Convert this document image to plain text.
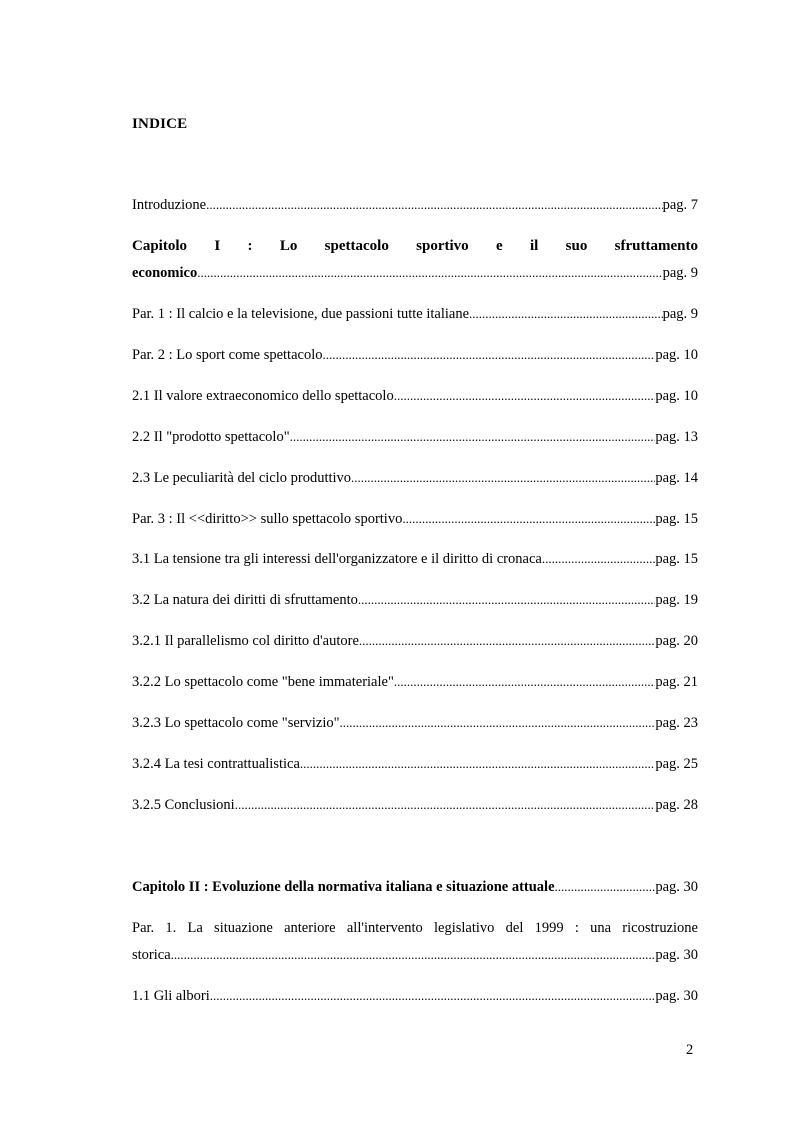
INDICE
Introduzione .....	pag. 7
Capitolo I : Lo spettacolo sportivo e il suo sfruttamento
economico .....	pag. 9
Par. 1 : Il calcio e la televisione, due passioni tutte italiane .....	pag. 9
Par. 2 : Lo sport come spettacolo .....	pag. 10
2.1 Il valore extraeconomico dello spettacolo .....	pag. 10
2.2 Il "prodotto spettacolo" .....	pag. 13
2.3 Le peculiarità del ciclo produttivo .....	pag. 14
Par. 3 : Il <<diritto>> sullo spettacolo sportivo .....	pag. 15
3.1 La tensione tra gli interessi dell'organizzatore e il diritto di cronaca .....	pag. 15
3.2 La natura dei diritti di sfruttamento .....	pag. 19
3.2.1 Il parallelismo col diritto d'autore .....	pag. 20
3.2.2 Lo spettacolo come "bene immateriale" .....	pag. 21
3.2.3 Lo spettacolo come "servizio" .....	pag. 23
3.2.4 La tesi contrattualistica .....	pag. 25
3.2.5 Conclusioni .....	pag. 28
Capitolo II : Evoluzione della normativa italiana e situazione attuale .....	pag. 30
Par. 1. La situazione anteriore all'intervento legislativo del 1999 : una ricostruzione
storica .....	pag. 30
1.1 Gli albori .....	pag. 30
2
